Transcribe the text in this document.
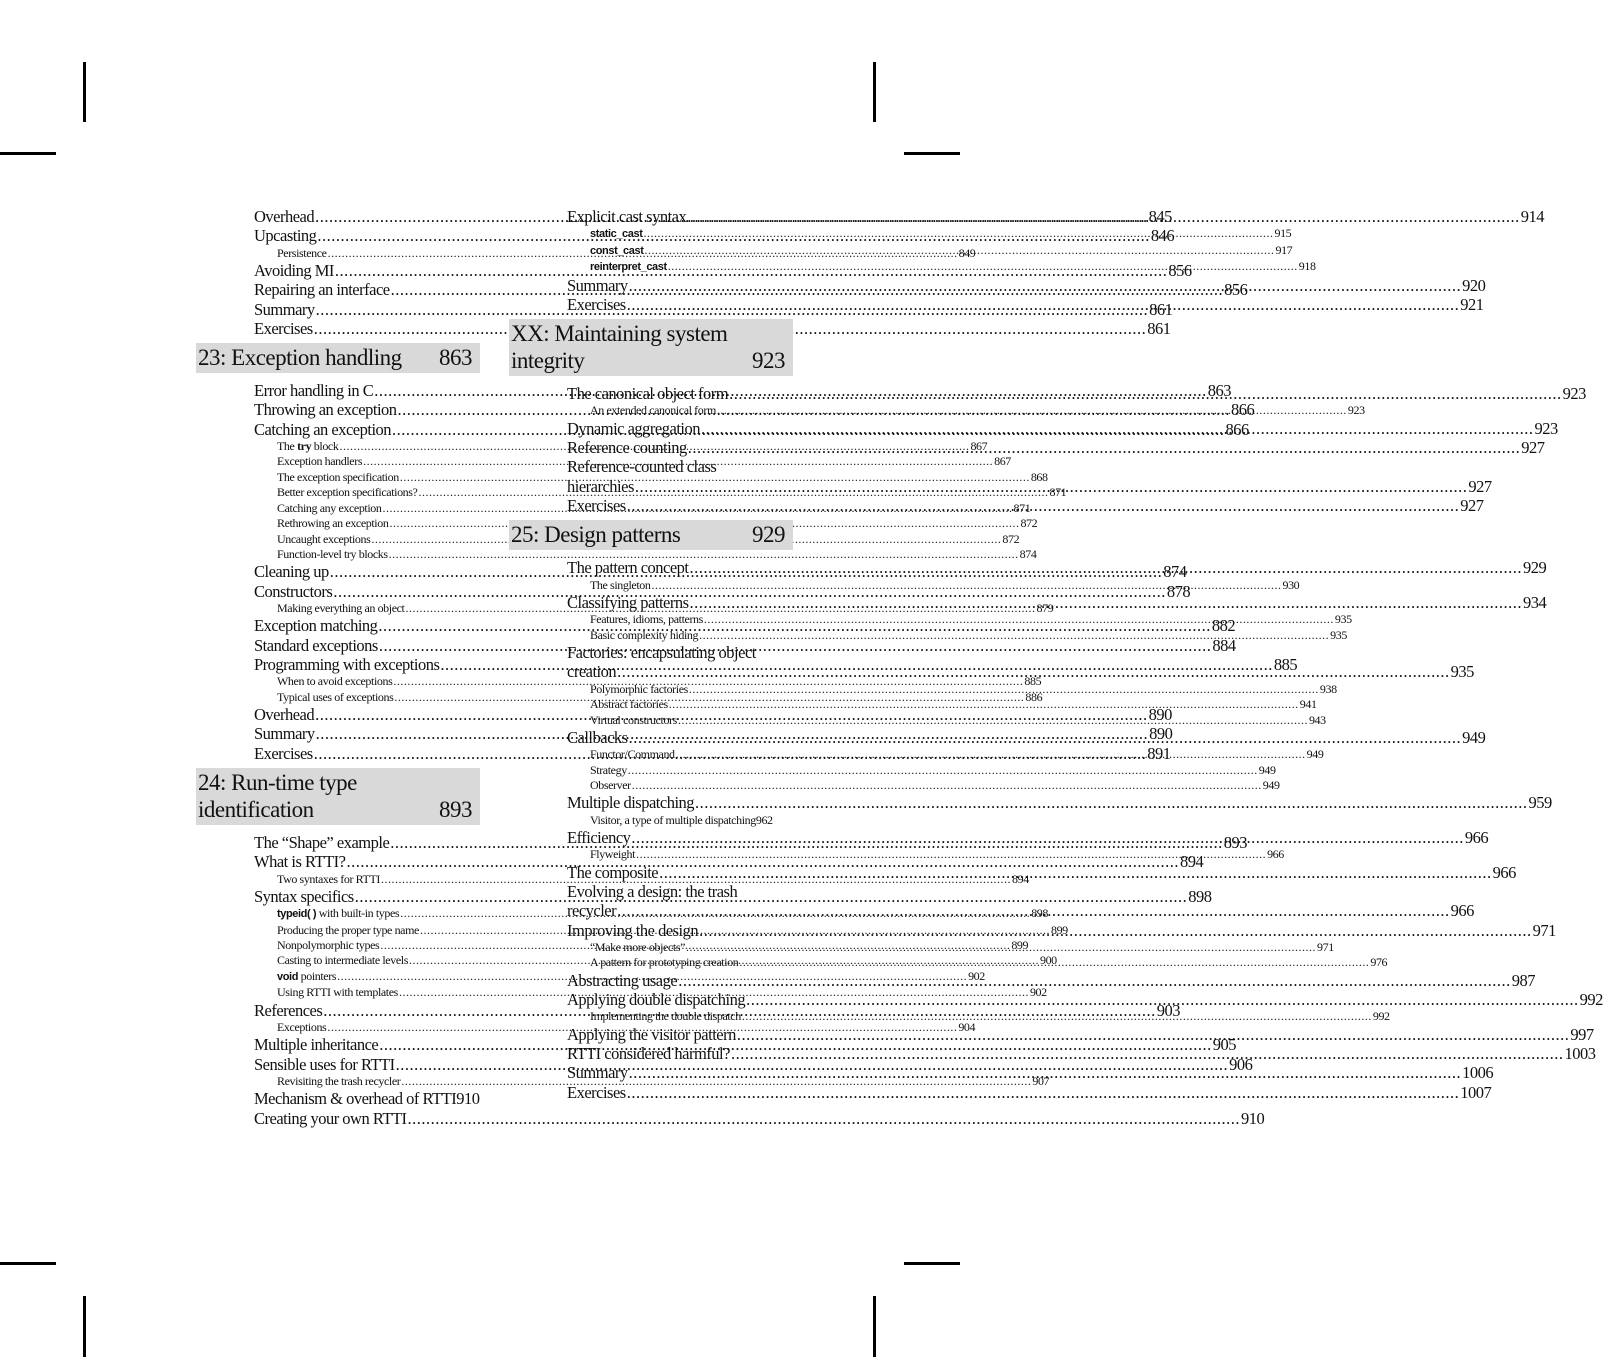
Overhead .....	845
Upcasting .....	846
Persistence .....	849
Avoiding MI .....	856
Repairing an interface .....	856
Summary .....	861
Exercises .....	861
23: Exception handling 863
Error handling in C .....	863
Throwing an exception .....	866
Catching an exception .....	866
The try block .....	867
Exception handlers .....	867
The exception specification .....	868
Better exception specifications? .....	871
Catching any exception .....	871
Rethrowing an exception .....	872
Uncaught exceptions .....	872
Function-level try blocks .....	874
Cleaning up .....	874
Constructors .....	878
Making everything an object .....	879
Exception matching .....	882
Standard exceptions .....	884
Programming with exceptions .....	885
When to avoid exceptions .....	885
Typical uses of exceptions .....	886
Overhead .....	890
Summary .....	890
Exercises .....	891
24: Run-time type
identification	893
The “Shape” example .....	893
What is RTTI? .....	894
Two syntaxes for RTTI .....	894
Syntax specifics .....	898
typeid( ) with built-in types .....	898
Producing the proper type name .....	899
Nonpolymorphic types .....	899
Casting to intermediate levels .....	900
void pointers .....	902
Using RTTI with templates .....	902
References .....	903
Exceptions .....	904
Multiple inheritance .....	905
Sensible uses for RTTI .....	906
Revisiting the trash recycler .....	907
Mechanism & overhead of RTTI 910
Creating your own RTTI .....	910
Explicit cast syntax .....	914
static_cast .....	915
const_cast .....	917
reinterpret_cast .....	918
Summary .....	920
Exercises .....	921
XX: Maintaining system
integrity	923
The canonical object form .....	923
An extended canonical form .....	923
Dynamic aggregation .....	923
Reference counting .....	927
Reference-counted class
hierarchies .....	927
Exercises .....	927
25: Design patterns	929
The pattern concept .....	929
The singleton .....	930
Classifying patterns .....	934
Features, idioms, patterns .....	935
Basic complexity hiding .....	935
Factories: encapsulating object
creation .....	935
Polymorphic factories .....	938
Abstract factories .....	941
Virtual constructors .....	943
Callbacks .....	949
Functor/Command .....	949
Strategy .....	949
Observer .....	949
Multiple dispatching .....	959
Visitor, a type of multiple dispatching 962
Efficiency .....	966
Flyweight .....	966
The composite .....	966
Evolving a design: the trash
recycler .....	966
Improving the design .....	971
“Make more objects” .....	971
A pattern for prototyping creation .....	976
Abstracting usage .....	987
Applying double dispatching .....	992
Implementing the double dispatch .....	992
Applying the visitor pattern .....	997
RTTI considered harmful? .....	1003
Summary .....	1006
Exercises .....	1007
